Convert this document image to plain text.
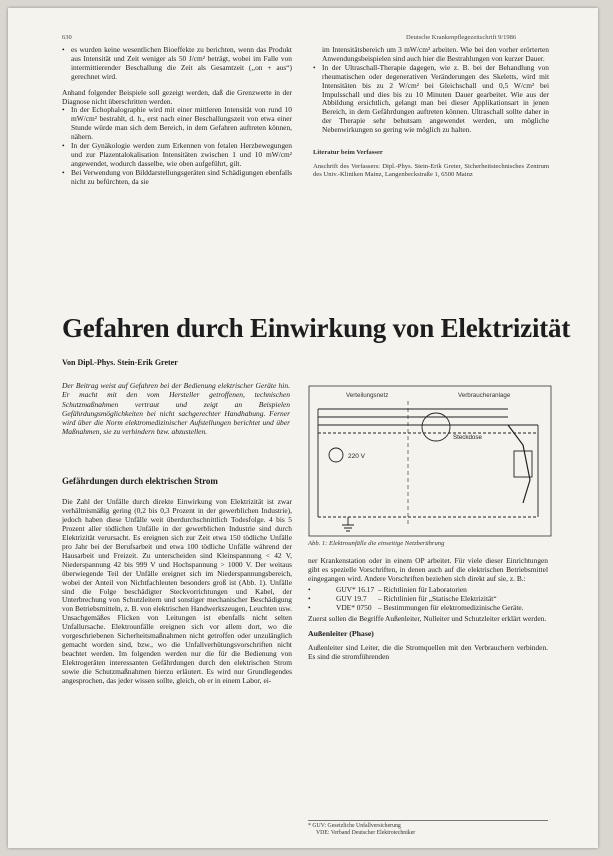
630	Deutsche Krankenpflegezeitschrift 9/1986
• es wurden keine wesentlichen Bioeffekte zu berichten, wenn das Produkt aus Intensität und Zeit weniger als 50 J/cm² beträgt, wobei im Falle von intermittierender Beschallung die Zeit als Gesamtzeit (,,on + aus“) gerechnet wird.

Anhand folgender Beispiele soll gezeigt werden, daß die Grenzwerte in der Diagnose nicht überschritten werden.

• In der Echophalographie wird mit einer mittleren Intensität von rund 10 mW/cm² bestrahlt, d. h., erst nach einer Beschallungszeit von etwa einer Stunde würde man sich dem Bereich, in dem Gefahren auftreten können, nähern.
• In der Gynäkologie werden zum Erkennen von fetalen Herzbewegungen und zur Plazentalokalisation Intensitäten zwischen 1 und 10 mW/cm² angewendet, wodurch dasselbe, wie oben aufgeführt, gilt.
• Bei Verwendung von Bilddarstellungsgeräten sind Schädigungen ebenfalls nicht zu befürchten, da sie

im Intensitätsbereich um 3 mW/cm² arbeiten. Wie bei den vorher erörterten Anwendungsbeispielen sind auch hier die Bestrahlungen von kurzer Dauer.

• In der Ultraschall-Therapie dagegen, wie z. B. bei der Behandlung von rheumatischen oder degenerativen Veränderungen des Skeletts, wird mit Intensitäten bis zu 2 W/cm² bei Gleichschall und 0,5 W/cm² bei Impulsschall und dies bis zu 10 Minuten Dauer gearbeitet. Wie aus der Abbildung ersichtlich, gelangt man bei dieser Applikationsart in jenen Bereich, in dem Gefährdungen auftreten können. Ultraschall sollte daher in der Therapie sehr behutsam angewendet werden, um mögliche Nebenwirkungen so gering wie möglich zu halten.
Literatur beim Verfasser
Anschrift des Verfassers: Dipl.-Phys. Stein-Erik Greter, Sicherheitstechnisches Zentrum des Univ.-Kliniken Mainz, Langenbeckstraße 1, 6500 Mainz
Gefahren durch Einwirkung von Elektrizität
Von Dipl.-Phys. Stein-Erik Greter
Der Beitrag weist auf Gefahren bei der Bedienung elektrischer Geräte hin. Er macht mit den vom Hersteller getroffenen, technischen Schutzmaßnahmen vertraut und zeigt an Beispielen Gefährdungsmöglichkeiten bei nicht sachgerechter Handhabung. Ferner wird über die Norm elektromedizinischer Aufstellungen berichtet und über Maßnahmen, sie zu verhindern bzw. abzustellen.
Gefährdungen durch elektrischen Strom
Die Zahl der Unfälle durch direkte Einwirkung von Elektrizität ist zwar verhältnismäßig gering (0,2 bis 0,3 Prozent in der gewerblichen Industrie), jedoch haben diese Unfälle weit überdurchschnittlich Todesfolge. 4 bis 5 Prozent aller tödlichen Unfälle in der gewerblichen Industrie sind durch Elektrizität verursacht. Es ereignen sich zur Zeit etwa 150 tödliche Unfälle pro Jahr bei der Berufsarbeit und etwa 100 tödliche Unfälle während der Hausarbeit und Freizeit. Zu unterscheiden sind Kleinspannung < 42 V, Niederspannung 42 bis 999 V und Hochspannung > 1000 V. Der weitaus überwiegende Teil der Unfälle ereignet sich im Niederspannungsbereich, wobei der Anteil von Nichtfachleuten besonders groß ist (Abb. 1). Unfälle sind die Folge beschädigter Steckvorrichtungen und Kabel, der Unterbrechung von Schutzleitern und sonstiger mechanischer Beschädigung von Betriebsmitteln, z. B. von elektrischen Handwerkszeugen, Leuchten usw. Unsachgemäßes Flicken von Leitungen ist ebenfalls nicht selten Unfallursache. Elektrounfälle ereignen sich vor allem dort, wo die vorgeschriebenen Sicherheitsmaßnahmen nicht getroffen oder unzulänglich gemacht worden sind, bzw., wo die Unfallverhütungsvorschriften nicht beachtet werden. Im folgenden werden nur die für die Bedienung von Elektrogeräten interessanten Gefährdungen durch den elektrischen Strom sowie die Schutzmaßnahmen hierzu erläutert. Es wird nur Grundlegendes angesprochen, das jeder wissen sollte, gleich, ob er in einem Labor, ei-
Verteilungsnetz	Verbraucheranlage
220 V
Steckdose
Abb. 1: Elektrounfälle die einseitige Netzberührung
ner Krankenstation oder in einem OP arbeitet. Für viele dieser Einrichtungen gibt es spezielle Vorschriften, in denen auch auf die elektrischen Betriebsmittel eingegangen wird. Andere Vorschriften beziehen sich direkt auf sie, z. B.:
•	GUV* 16.17 – Richtlinien für Laboratorien
•	GUV 19.7 – Richtlinien für „Statische Elektrizität“
•	VDE* 0750 – Bestimmungen für elektromedizinische Geräte.
Zuerst sollen die Begriffe Außenleiter, Nulleiter und Schutzleiter erklärt werden.
Außenleiter (Phase)
Außenleiter sind Leiter, die die Stromquellen mit den Verbrauchern verbinden. Es sind die stromführenden
* GUV: Gesetzliche Unfallversicherung
VDE: Verband Deutscher Elektrotechniker
